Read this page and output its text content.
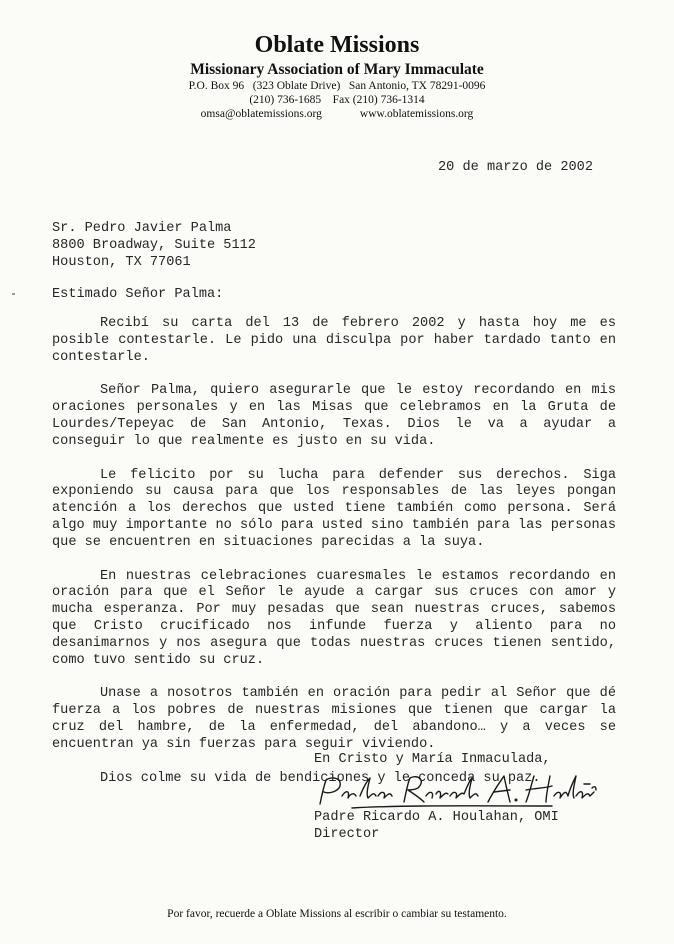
Oblate Missions
Missionary Association of Mary Immaculate
P.O. Box 96   (323 Oblate Drive)   San Antonio, TX 78291-0096
(210) 736-1685    Fax (210) 736-1314
omsa@oblatemissions.org	www.oblatemissions.org
20 de marzo de 2002
Sr. Pedro Javier Palma
8800 Broadway, Suite 5112
Houston, TX 77061
Estimado Señor Palma:

Recibí su carta del 13 de febrero 2002 y hasta hoy me es posible contestarle. Le pido una disculpa por haber tardado tanto en contestarle.

Señor Palma, quiero asegurarle que le estoy recordando en mis oraciones personales y en las Misas que celebramos en la Gruta de Lourdes/Tepeyac de San Antonio, Texas. Dios le va a ayudar a conseguir lo que realmente es justo en su vida.

Le felicito por su lucha para defender sus derechos. Siga exponiendo su causa para que los responsables de las leyes pongan atención a los derechos que usted tiene también como persona. Será algo muy importante no sólo para usted sino también para las personas que se encuentren en situaciones parecidas a la suya.

En nuestras celebraciones cuaresmales le estamos recordando en oración para que el Señor le ayude a cargar sus cruces con amor y mucha esperanza. Por muy pesadas que sean nuestras cruces, sabemos que Cristo crucificado nos infunde fuerza y aliento para no desanimarnos y nos asegura que todas nuestras cruces tienen sentido, como tuvo sentido su cruz.

Unase a nosotros también en oración para pedir al Señor que dé fuerza a los pobres de nuestras misiones que tienen que cargar la cruz del hambre, de la enfermedad, del abandono… y a veces se encuentran ya sin fuerzas para seguir viviendo.

Dios colme su vida de bendiciones y le conceda su paz.

En Cristo y María Inmaculada,
Padre Ricardo A. Houlahan, OMI
Director
Por favor, recuerde a Oblate Missions al escribir o cambiar su testamento.
